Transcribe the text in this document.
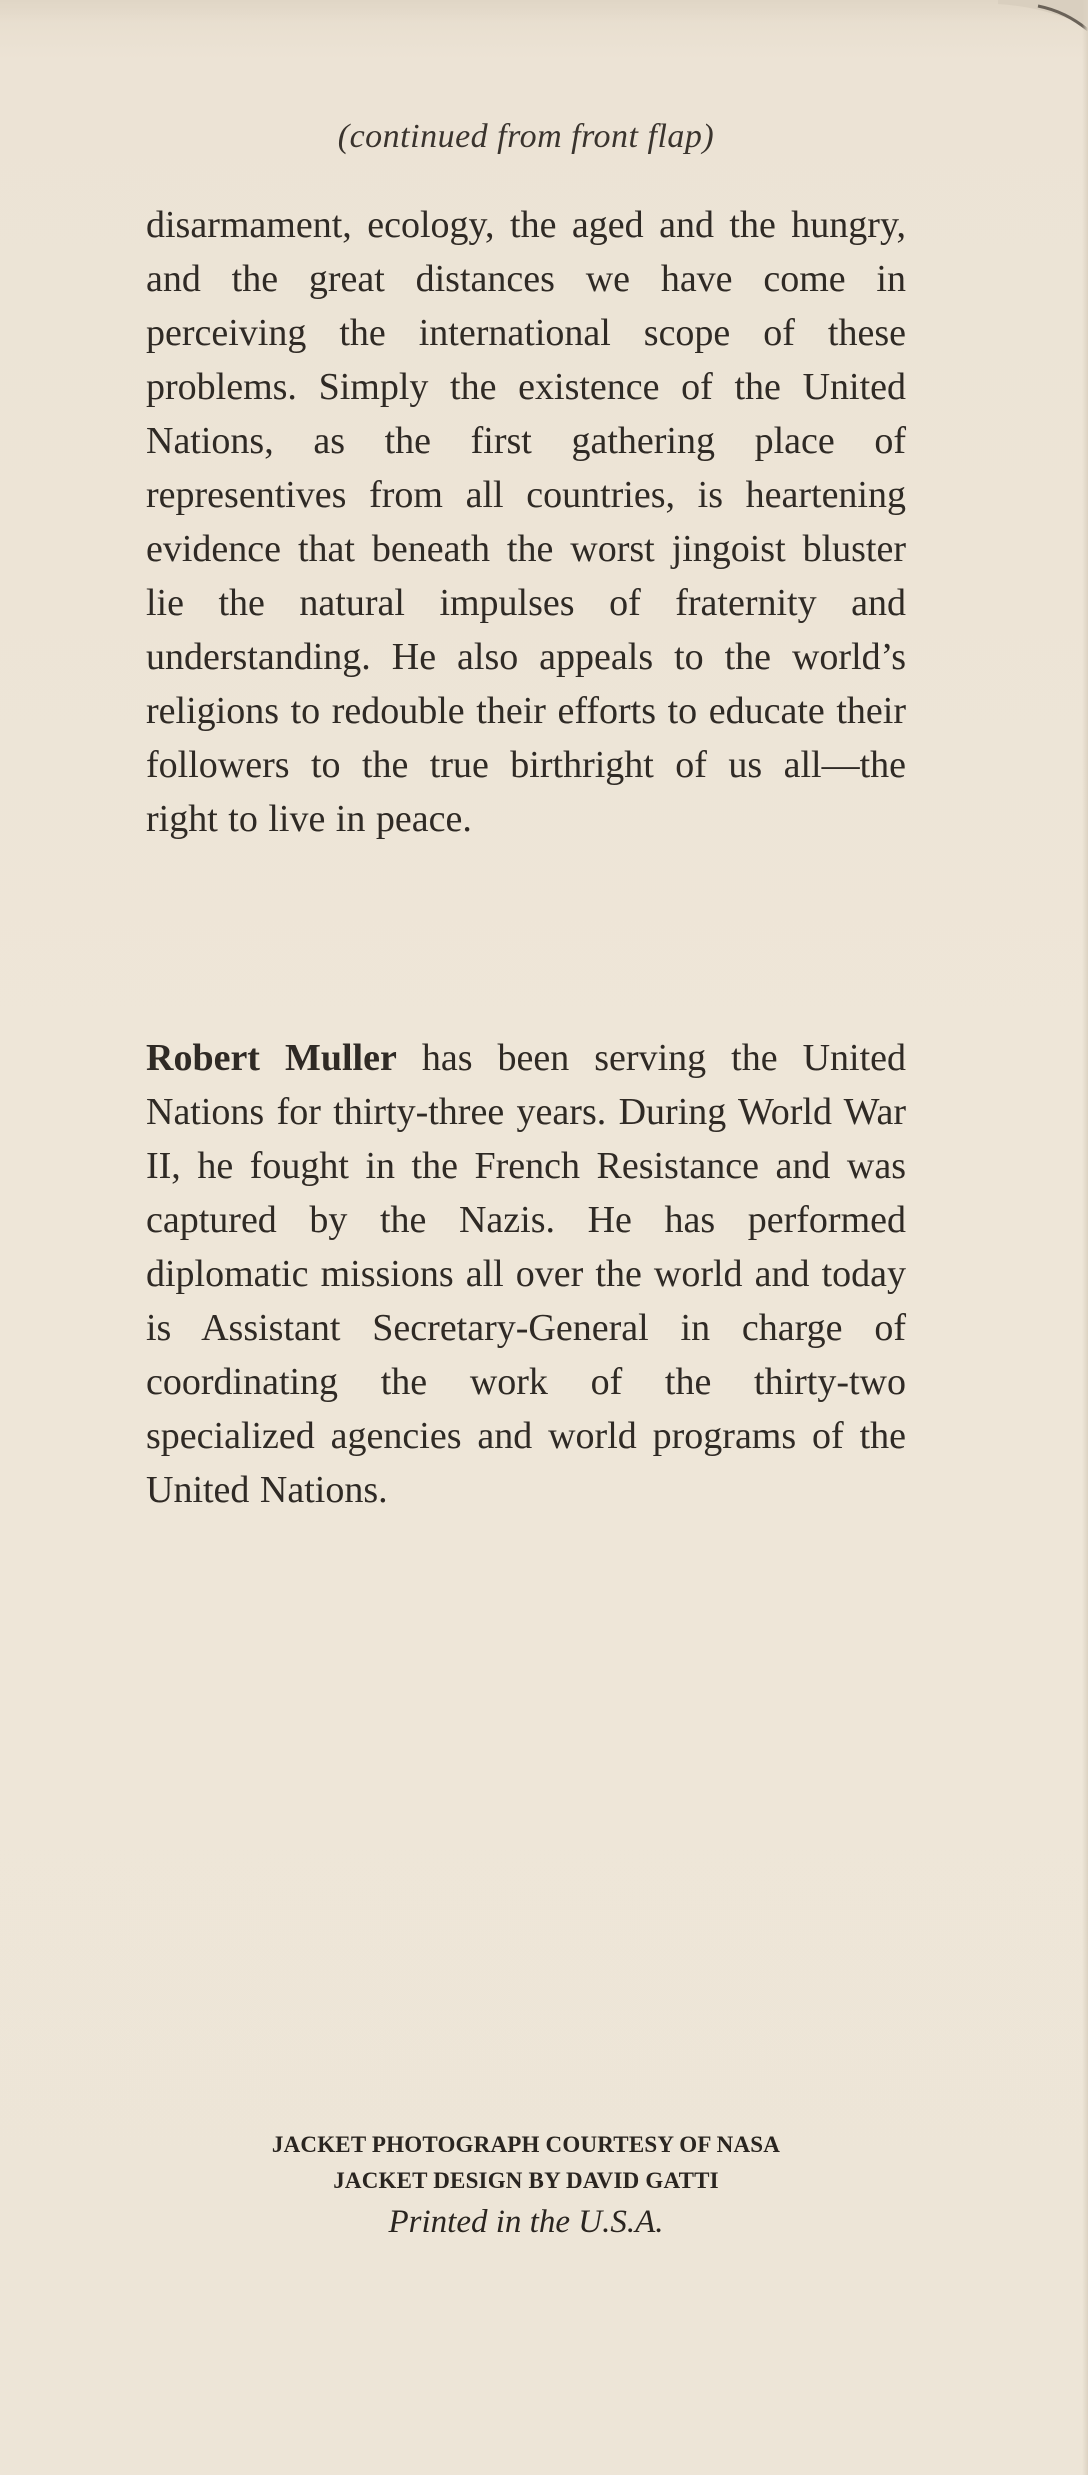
(continued from front flap)

disarmament, ecology, the aged and the hungry, and the great distances we have come in perceiving the international scope of these problems. Simply the existence of the United Nations, as the first gathering place of representives from all countries, is heartening evidence that beneath the worst jingoist bluster lie the natural impulses of fraternity and understanding. He also appeals to the world’s religions to redouble their efforts to educate their followers to the true birthright of us all—the right to live in peace.

Robert Muller has been serving the United Nations for thirty-three years. During World War II, he fought in the French Resistance and was captured by the Nazis. He has performed diplomatic missions all over the world and today is Assistant Secretary-General in charge of coordinating the work of the thirty-two specialized agencies and world programs of the United Nations.

JACKET PHOTOGRAPH COURTESY OF NASA
JACKET DESIGN BY DAVID GATTI
Printed in the U.S.A.
